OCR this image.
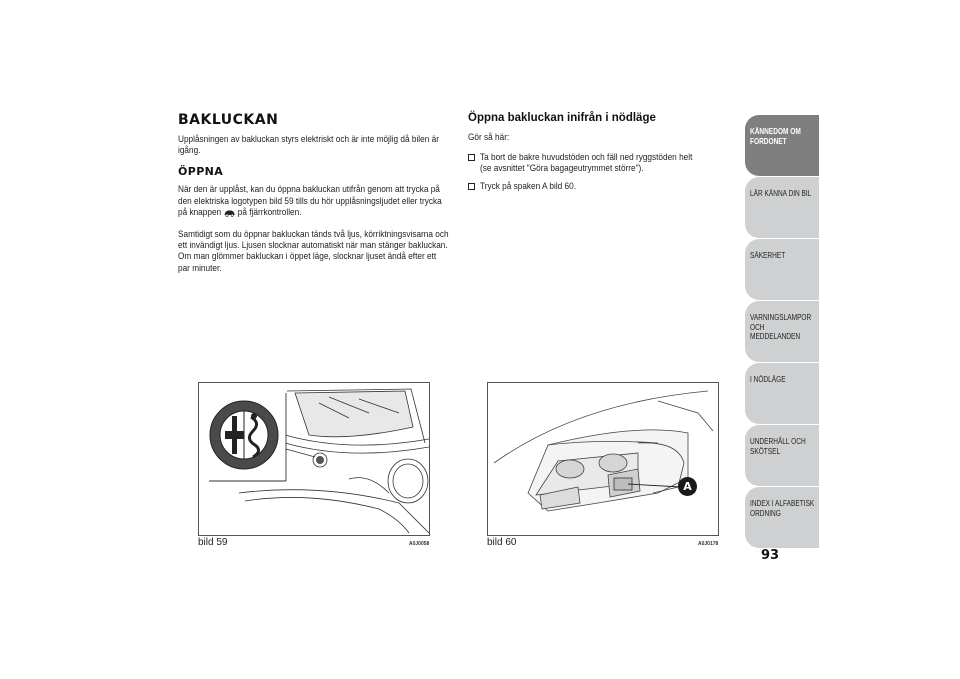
BAKLUCKAN

Upplåsningen av bakluckan styrs elektriskt och är inte möjlig då bilen är igång.

ÖPPNA

När den är upplåst, kan du öppna bakluckan utifrån genom att trycka på den elektriska logotypen bild 59 tills du hör upplåsningsljudet eller trycka på knappen på fjärrkontrollen.

Samtidigt som du öppnar bakluckan tänds två ljus, körriktningsvisarna och ett invändigt ljus. Ljusen slocknar automatiskt när man stänger bakluckan. Om man glömmer bakluckan i öppet läge, slocknar ljuset ändå efter ett par minuter.

Öppna bakluckan inifrån i nödläge

Gör så här:

Ta bort de bakre huvudstöden och fäll ned ryggstöden helt (se avsnittet "Göra bagageutrymmet större").
Tryck på spaken A bild 60.
bild 59	A0J0058
A
bild 60	A0J0178
KÄNNEDOM OM
FORDONET
LÄR KÄNNA DIN BIL
SÄKERHET
VARNINGSLAMPOR
OCH MEDDELANDEN
I NÖDLÄGE
UNDERHÅLL OCH
SKÖTSEL
INDEX I ALFABETISK
ORDNING
93
